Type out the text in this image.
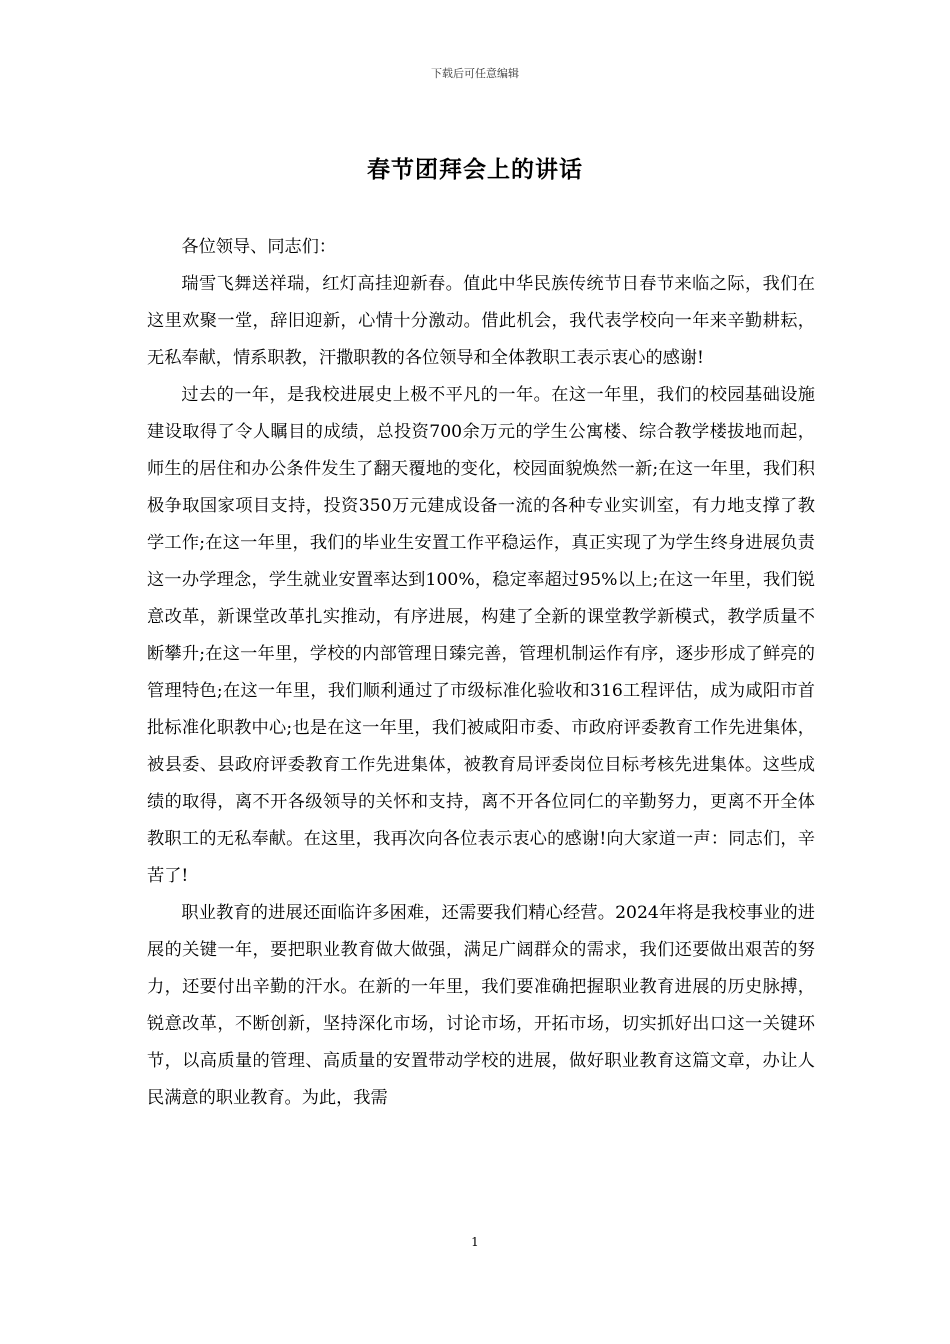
下载后可任意编辑
春节团拜会上的讲话

各位领导、同志们：

瑞雪飞舞送祥瑞，红灯高挂迎新春。值此中华民族传统节日春节来临之际，我们在这里欢聚一堂，辞旧迎新，心情十分激动。借此机会，我代表学校向一年来辛勤耕耘，无私奉献，情系职教，汗撒职教的各位领导和全体教职工表示衷心的感谢!

过去的一年，是我校进展史上极不平凡的一年。在这一年里，我们的校园基础设施建设取得了令人瞩目的成绩，总投资700余万元的学生公寓楼、综合教学楼拔地而起，师生的居住和办公条件发生了翻天覆地的变化，校园面貌焕然一新;在这一年里，我们积极争取国家项目支持，投资350万元建成设备一流的各种专业实训室，有力地支撑了教学工作;在这一年里，我们的毕业生安置工作平稳运作，真正实现了为学生终身进展负责这一办学理念，学生就业安置率达到100%，稳定率超过95%以上;在这一年里，我们锐意改革，新课堂改革扎实推动，有序进展，构建了全新的课堂教学新模式，教学质量不断攀升;在这一年里，学校的内部管理日臻完善，管理机制运作有序，逐步形成了鲜亮的管理特色;在这一年里，我们顺利通过了市级标准化验收和316工程评估，成为咸阳市首批标准化职教中心;也是在这一年里，我们被咸阳市委、市政府评委教育工作先进集体，被县委、县政府评委教育工作先进集体，被教育局评委岗位目标考核先进集体。这些成绩的取得，离不开各级领导的关怀和支持，离不开各位同仁的辛勤努力，更离不开全体教职工的无私奉献。在这里，我再次向各位表示衷心的感谢!向大家道一声：同志们，辛苦了!

职业教育的进展还面临许多困难，还需要我们精心经营。2024年将是我校事业的进展的关键一年，要把职业教育做大做强，满足广阔群众的需求，我们还要做出艰苦的努力，还要付出辛勤的汗水。在新的一年里，我们要准确把握职业教育进展的历史脉搏，锐意改革，不断创新，坚持深化市场，讨论市场，开拓市场，切实抓好出口这一关键环节，以高质量的管理、高质量的安置带动学校的进展，做好职业教育这篇文章，办让人民满意的职业教育。为此，我需

1
